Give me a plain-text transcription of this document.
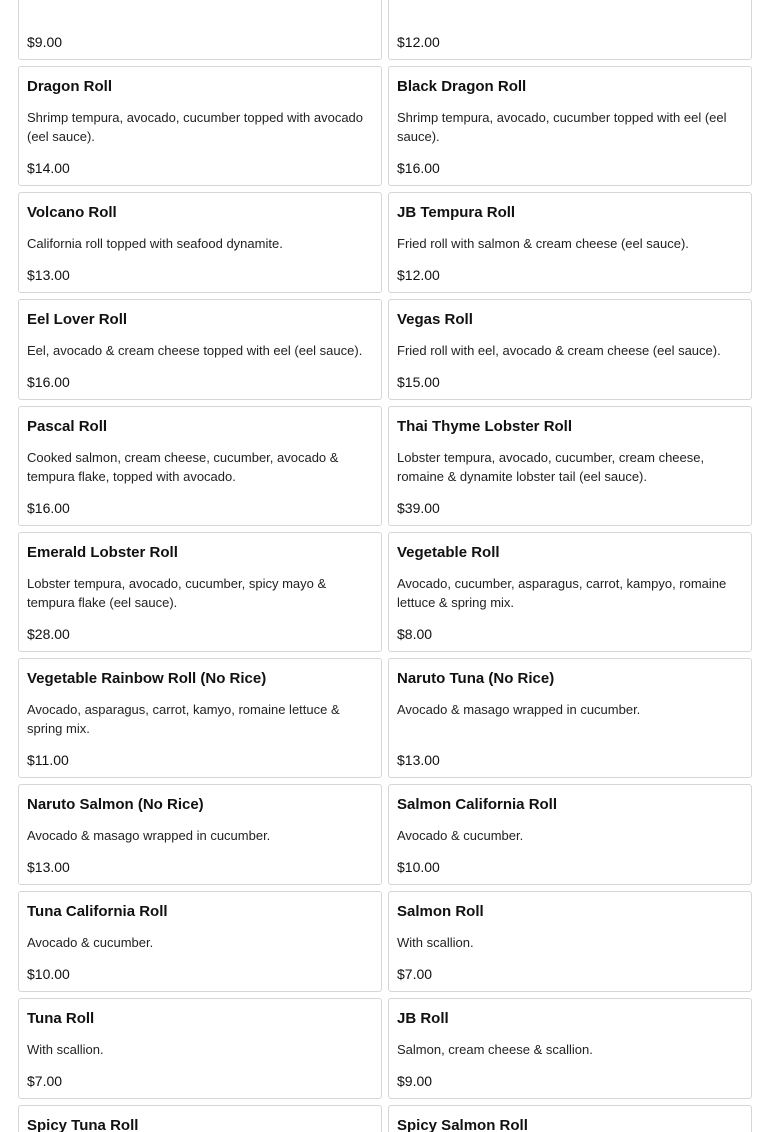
$9.00	$12.00
Dragon Roll
Shrimp tempura, avocado, cucumber topped with avocado (eel sauce).
$14.00
Black Dragon Roll
Shrimp tempura, avocado, cucumber topped with eel (eel sauce).
$16.00
Volcano Roll
California roll topped with seafood dynamite.
$13.00
JB Tempura Roll
Fried roll with salmon & cream cheese (eel sauce).
$12.00
Eel Lover Roll
Eel, avocado & cream cheese topped with eel (eel sauce).
$16.00
Vegas Roll
Fried roll with eel, avocado & cream cheese (eel sauce).
$15.00
Pascal Roll
Cooked salmon, cream cheese, cucumber, avocado & tempura flake, topped with avocado.
$16.00
Thai Thyme Lobster Roll
Lobster tempura, avocado, cucumber, cream cheese, romaine & dynamite lobster tail (eel sauce).
$39.00
Emerald Lobster Roll
Lobster tempura, avocado, cucumber, spicy mayo & tempura flake (eel sauce).
$28.00
Vegetable Roll
Avocado, cucumber, asparagus, carrot, kampyo, romaine lettuce & spring mix.
$8.00
Vegetable Rainbow Roll (No Rice)
Avocado, asparagus, carrot, kamyo, romaine lettuce & spring mix.
$11.00
Naruto Tuna (No Rice)
Avocado & masago wrapped in cucumber.
$13.00
Naruto Salmon (No Rice)
Avocado & masago wrapped in cucumber.
$13.00
Salmon California Roll
Avocado & cucumber.
$10.00
Tuna California Roll
Avocado & cucumber.
$10.00
Salmon Roll
With scallion.
$7.00
Tuna Roll
With scallion.
$7.00
JB Roll
Salmon, cream cheese & scallion.
$9.00
Spicy Tuna Roll	Spicy Salmon Roll
